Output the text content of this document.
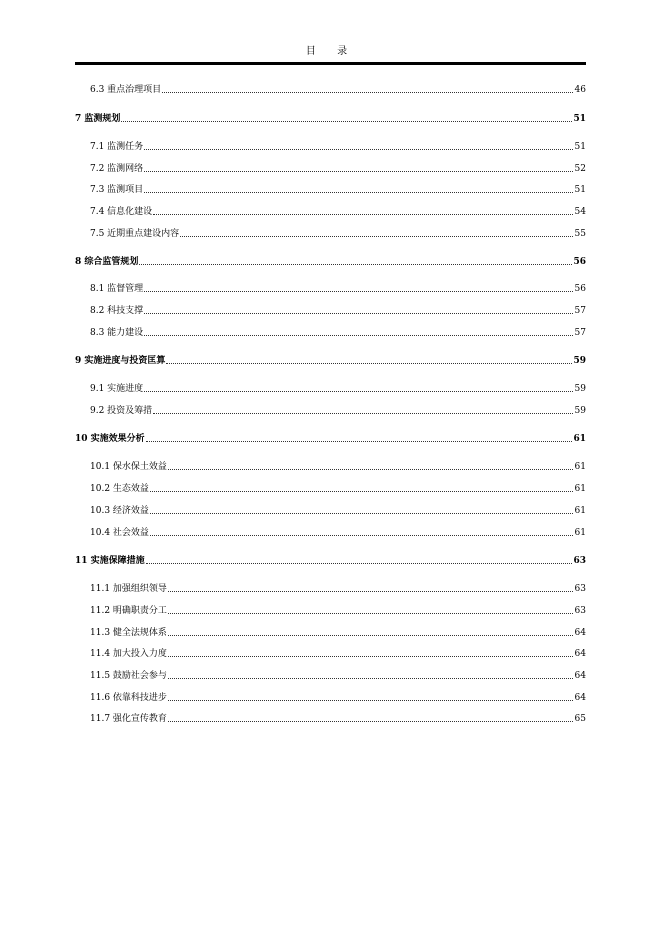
目 录
6.3 重点治理项目	46
7 监测规划	51
7.1 监测任务	51
7.2 监测网络	52
7.3 监测项目	51
7.4 信息化建设	54
7.5 近期重点建设内容	55
8 综合监管规划	56
8.1 监督管理	56
8.2 科技支撑	57
8.3 能力建设	57
9 实施进度与投资匡算	59
9.1 实施进度	59
9.2 投资及筹措	59
10 实施效果分析	61
10.1 保水保土效益	61
10.2 生态效益	61
10.3 经济效益	61
10.4 社会效益	61
11 实施保障措施	63
11.1 加强组织领导	63
11.2 明确职责分工	63
11.3 健全法规体系	64
11.4 加大投入力度	64
11.5 鼓励社会参与	64
11.6 依靠科技进步	64
11.7 强化宣传教育	65
